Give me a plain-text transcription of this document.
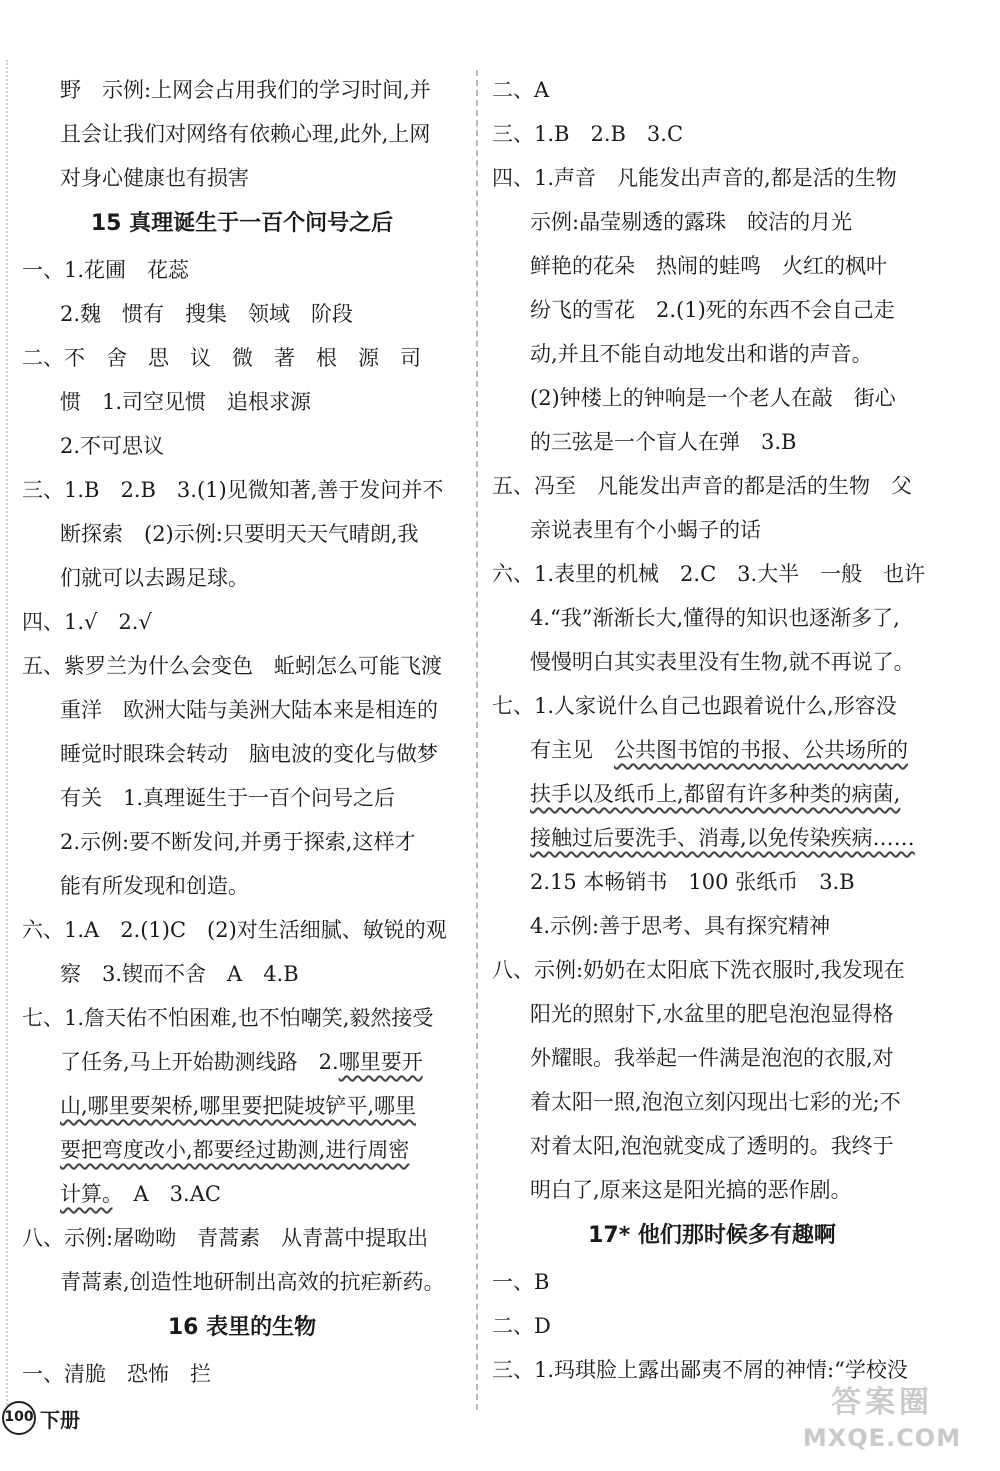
野　示例:上网会占用我们的学习时间,并
且会让我们对网络有依赖心理,此外,上网
对身心健康也有损害
15 真理诞生于一百个问号之后
一、1.花圃　花蕊
2.魏　惯有　搜集　领域　阶段
二、不　舍　思　议　微　著　根　源　司
惯　1.司空见惯　追根求源
2.不可思议
三、1.B　2.B　3.(1)见微知著,善于发问并不
断探索　(2)示例:只要明天天气晴朗,我
们就可以去踢足球。
四、1.√　2.√
五、紫罗兰为什么会变色　蚯蚓怎么可能飞渡
重洋　欧洲大陆与美洲大陆本来是相连的
睡觉时眼珠会转动　脑电波的变化与做梦
有关　1.真理诞生于一百个问号之后
2.示例:要不断发问,并勇于探索,这样才
能有所发现和创造。
六、1.A　2.(1)C　(2)对生活细腻、敏锐的观
察　3.锲而不舍　A　4.B
七、1.詹天佑不怕困难,也不怕嘲笑,毅然接受
了任务,马上开始勘测线路　2.哪里要开
山,哪里要架桥,哪里要把陡坡铲平,哪里
要把弯度改小,都要经过勘测,进行周密
计算。　A　3.AC
八、示例:屠呦呦　青蒿素　从青蒿中提取出
青蒿素,创造性地研制出高效的抗疟新药。
16 表里的生物
一、清脆　恐怖　拦
二、A
三、1.B　2.B　3.C
四、1.声音　凡能发出声音的,都是活的生物
示例:晶莹剔透的露珠　皎洁的月光
鲜艳的花朵　热闹的蛙鸣　火红的枫叶
纷飞的雪花　2.(1)死的东西不会自己走
动,并且不能自动地发出和谐的声音。
(2)钟楼上的钟响是一个老人在敲　街心
的三弦是一个盲人在弹　3.B
五、冯至　凡能发出声音的都是活的生物　父
亲说表里有个小蝎子的话
六、1.表里的机械　2.C　3.大半　一般　也许
4.“我”渐渐长大,懂得的知识也逐渐多了,
慢慢明白其实表里没有生物,就不再说了。
七、1.人家说什么自己也跟着说什么,形容没
有主见　公共图书馆的书报、公共场所的
扶手以及纸币上,都留有许多种类的病菌,
接触过后要洗手、消毒,以免传染疾病……
2.15 本畅销书　100 张纸币　3.B
4.示例:善于思考、具有探究精神
八、示例:奶奶在太阳底下洗衣服时,我发现在
阳光的照射下,水盆里的肥皂泡泡显得格
外耀眼。我举起一件满是泡泡的衣服,对
着太阳一照,泡泡立刻闪现出七彩的光;不
对着太阳,泡泡就变成了透明的。我终于
明白了,原来这是阳光搞的恶作剧。
17* 他们那时候多有趣啊
一、B
二、D
三、1.玛琪脸上露出鄙夷不屑的神情:“学校没
100 下册	答案圈
MXQE.COM
